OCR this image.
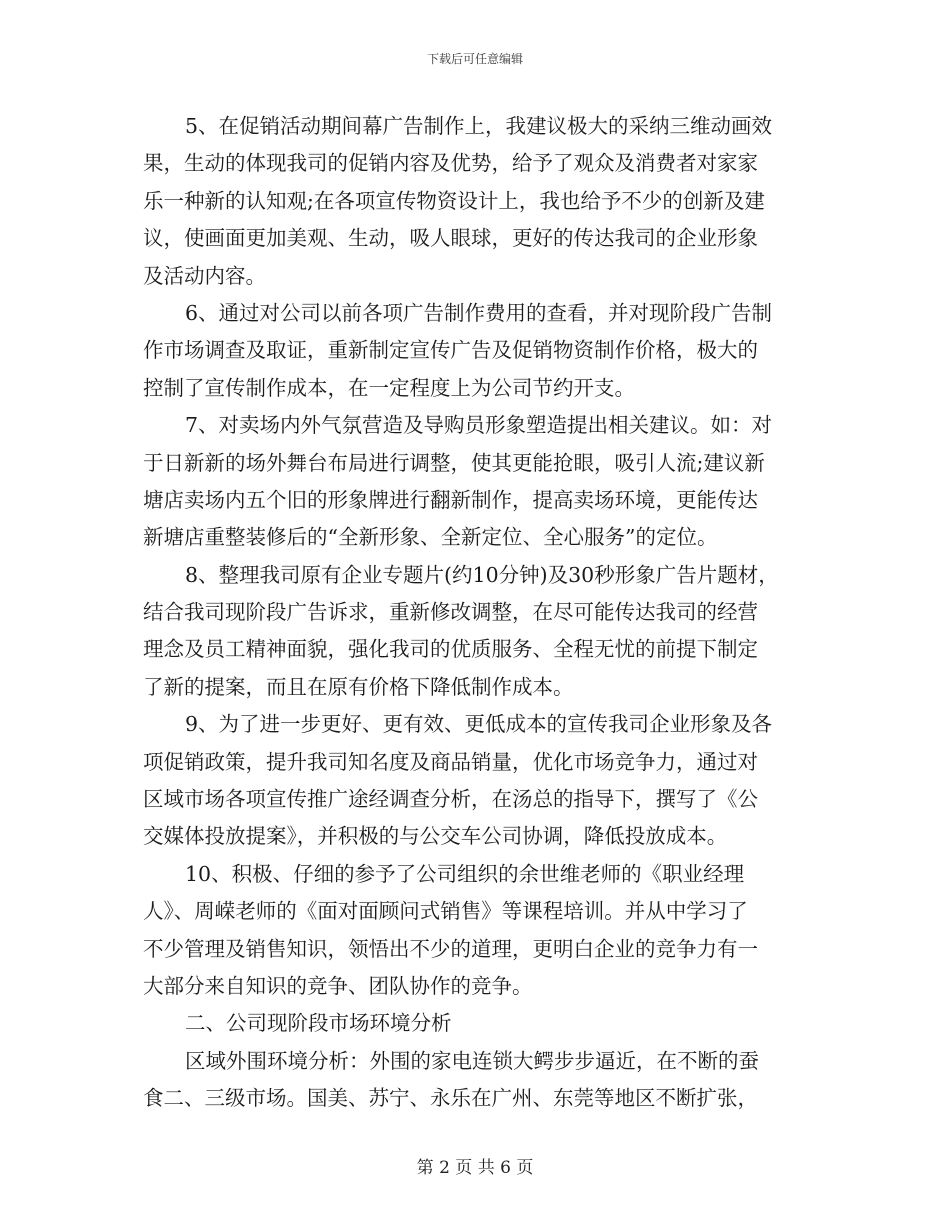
下载后可任意编辑
5、在促销活动期间幕广告制作上，我建议极大的采纳三维动画效
果，生动的体现我司的促销内容及优势，给予了观众及消费者对家家
乐一种新的认知观;在各项宣传物资设计上，我也给予不少的创新及建
议，使画面更加美观、生动，吸人眼球，更好的传达我司的企业形象
及活动内容。
6、通过对公司以前各项广告制作费用的查看，并对现阶段广告制
作市场调查及取证，重新制定宣传广告及促销物资制作价格，极大的
控制了宣传制作成本，在一定程度上为公司节约开支。
7、对卖场内外气氛营造及导购员形象塑造提出相关建议。如：对
于日新新的场外舞台布局进行调整，使其更能抢眼，吸引人流;建议新
塘店卖场内五个旧的形象牌进行翻新制作，提高卖场环境，更能传达
新塘店重整装修后的“全新形象、全新定位、全心服务”的定位。
8、整理我司原有企业专题片(约10分钟)及30秒形象广告片题材，
结合我司现阶段广告诉求，重新修改调整，在尽可能传达我司的经营
理念及员工精神面貌，强化我司的优质服务、全程无忧的前提下制定
了新的提案，而且在原有价格下降低制作成本。
9、为了进一步更好、更有效、更低成本的宣传我司企业形象及各
项促销政策，提升我司知名度及商品销量，优化市场竞争力，通过对
区域市场各项宣传推广途经调查分析，在汤总的指导下，撰写了《公
交媒体投放提案》，并积极的与公交车公司协调，降低投放成本。
10、积极、仔细的参予了公司组织的余世维老师的《职业经理
人》、周嵘老师的《面对面顾问式销售》等课程培训。并从中学习了
不少管理及销售知识，领悟出不少的道理，更明白企业的竞争力有一
大部分来自知识的竞争、团队协作的竞争。
二、公司现阶段市场环境分析
区域外围环境分析：外围的家电连锁大鳄步步逼近，在不断的蚕
食二、三级市场。国美、苏宁、永乐在广州、东莞等地区不断扩张，
第 2 页 共 6 页
